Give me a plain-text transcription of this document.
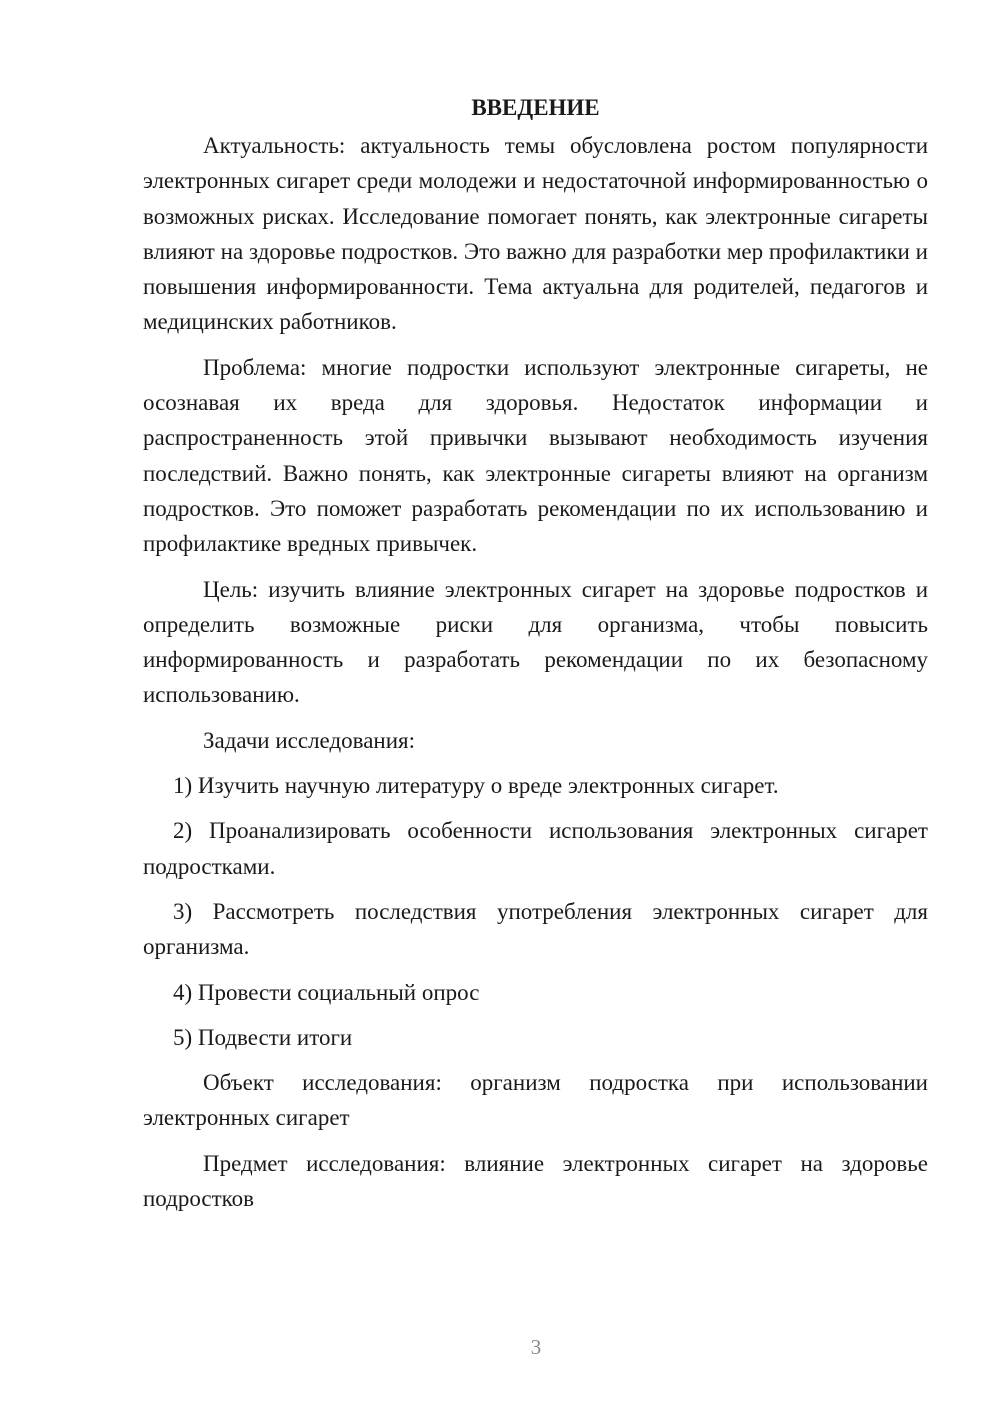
ВВЕДЕНИЕ

Актуальность: актуальность темы обусловлена ростом популярности электронных сигарет среди молодежи и недостаточной информированностью о возможных рисках. Исследование помогает понять, как электронные сигареты влияют на здоровье подростков. Это важно для разработки мер профилактики и повышения информированности. Тема актуальна для родителей, педагогов и медицинских работников.

Проблема: многие подростки используют электронные сигареты, не осознавая их вреда для здоровья. Недостаток информации и распространенность этой привычки вызывают необходимость изучения последствий. Важно понять, как электронные сигареты влияют на организм подростков. Это поможет разработать рекомендации по их использованию и профилактике вредных привычек.

Цель: изучить влияние электронных сигарет на здоровье подростков и определить возможные риски для организма, чтобы повысить информированность и разработать рекомендации по их безопасному использованию.

Задачи исследования:

1) Изучить научную литературу о вреде электронных сигарет.

2) Проанализировать особенности использования электронных сигарет подростками.

3) Рассмотреть последствия употребления электронных сигарет для организма.

4) Провести социальный опрос

5) Подвести итоги

Объект исследования: организм подростка при использовании электронных сигарет

Предмет исследования: влияние электронных сигарет на здоровье подростков

3
